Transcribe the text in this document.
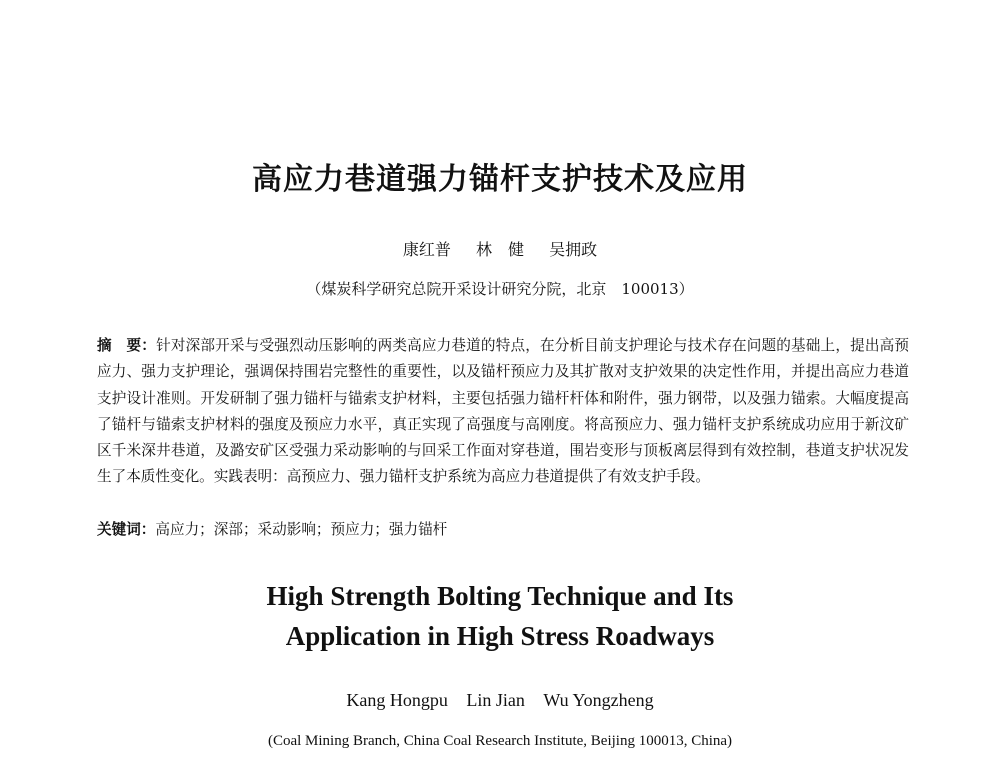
高应力巷道强力锚杆支护技术及应用
康红普 林　健 吴拥政
（煤炭科学研究总院开采设计研究分院，北京　100013）
摘　要：针对深部开采与受强烈动压影响的两类高应力巷道的特点，在分析目前支护理论与技术存在问题的基础上，提出高预应力、强力支护理论，强调保持围岩完整性的重要性，以及锚杆预应力及其扩散对支护效果的决定性作用，并提出高应力巷道支护设计准则。开发研制了强力锚杆与锚索支护材料，主要包括强力锚杆杆体和附件，强力钢带，以及强力锚索。大幅度提高了锚杆与锚索支护材料的强度及预应力水平，真正实现了高强度与高刚度。将高预应力、强力锚杆支护系统成功应用于新汶矿区千米深井巷道，及潞安矿区受强力采动影响的与回采工作面对穿巷道，围岩变形与顶板离层得到有效控制，巷道支护状况发生了本质性变化。实践表明：高预应力、强力锚杆支护系统为高应力巷道提供了有效支护手段。
关键词：高应力；深部；采动影响；预应力；强力锚杆
High Strength Bolting Technique and Its
Application in High Stress Roadways
Kang Hongpu Lin Jian Wu Yongzheng
(Coal Mining Branch, China Coal Research Institute, Beijing 100013, China)
